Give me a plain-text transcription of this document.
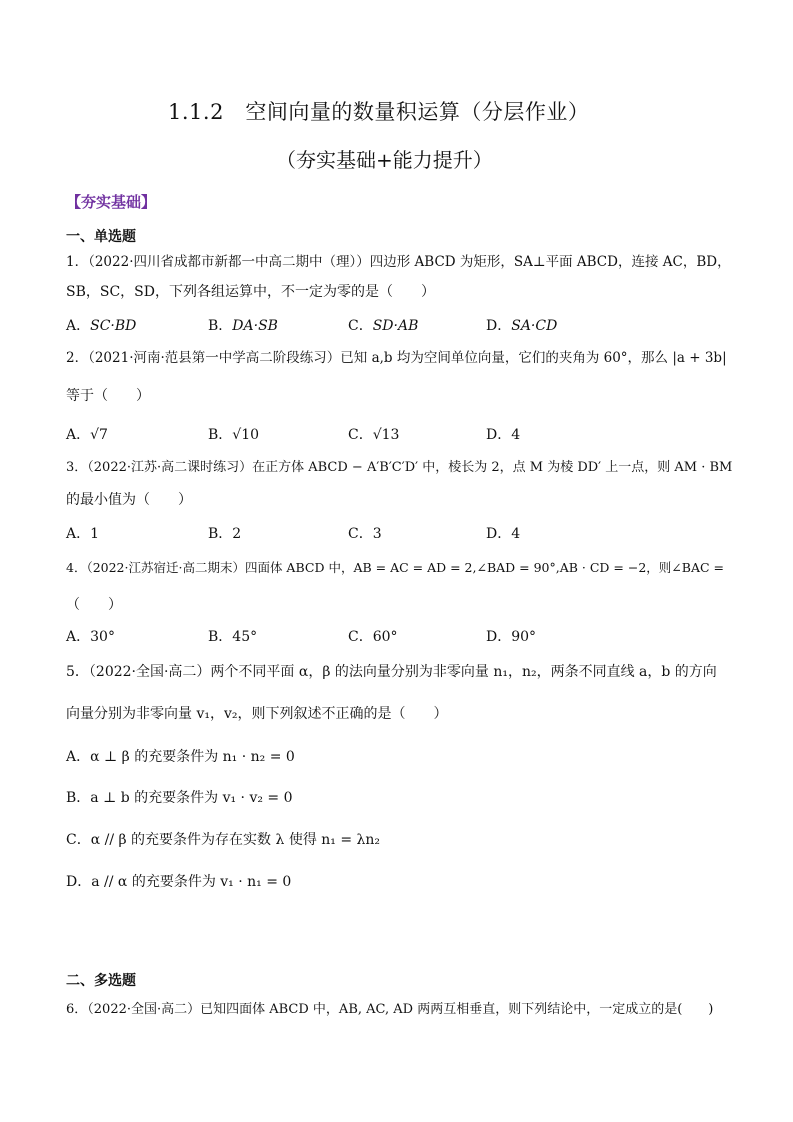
1.1.2　空间向量的数量积运算（分层作业）
（夯实基础+能力提升）
【夯实基础】
一、单选题
1．（2022·四川省成都市新都一中高二期中（理））四边形 ABCD 为矩形，SA⊥平面 ABCD，连接 AC，BD，
SB，SC，SD，下列各组运算中，不一定为零的是（　　）
A．SC·BD	B．DA·SB	C．SD·AB	D．SA·CD
2．（2021·河南·范县第一中学高二阶段练习）已知 a,b 均为空间单位向量，它们的夹角为 60°，那么 |a + 3b|
等于（　　）
A．√7	B．√10	C．√13	D．4
3．（2022·江苏·高二课时练习）在正方体 ABCD − A′B′C′D′ 中，棱长为 2，点 M 为棱 DD′ 上一点，则 AM · BM
的最小值为（　　）
A．1	B．2	C．3	D．4
4．（2022·江苏宿迁·高二期末）四面体 ABCD 中，AB = AC = AD = 2,∠BAD = 90°,AB · CD = −2，则∠BAC =
（　　）
A．30°	B．45°	C．60°	D．90°
5．（2022·全国·高二）两个不同平面 α，β 的法向量分别为非零向量 n₁，n₂，两条不同直线 a，b 的方向
向量分别为非零向量 v₁，v₂，则下列叙述不正确的是（　　）
A．α ⊥ β 的充要条件为 n₁ · n₂ = 0
B．a ⊥ b 的充要条件为 v₁ · v₂ = 0
C．α // β 的充要条件为存在实数 λ 使得 n₁ = λn₂
D．a // α 的充要条件为 v₁ · n₁ = 0
二、多选题
6．（2022·全国·高二）已知四面体 ABCD 中，AB, AC, AD 两两互相垂直，则下列结论中，一定成立的是(　　)
